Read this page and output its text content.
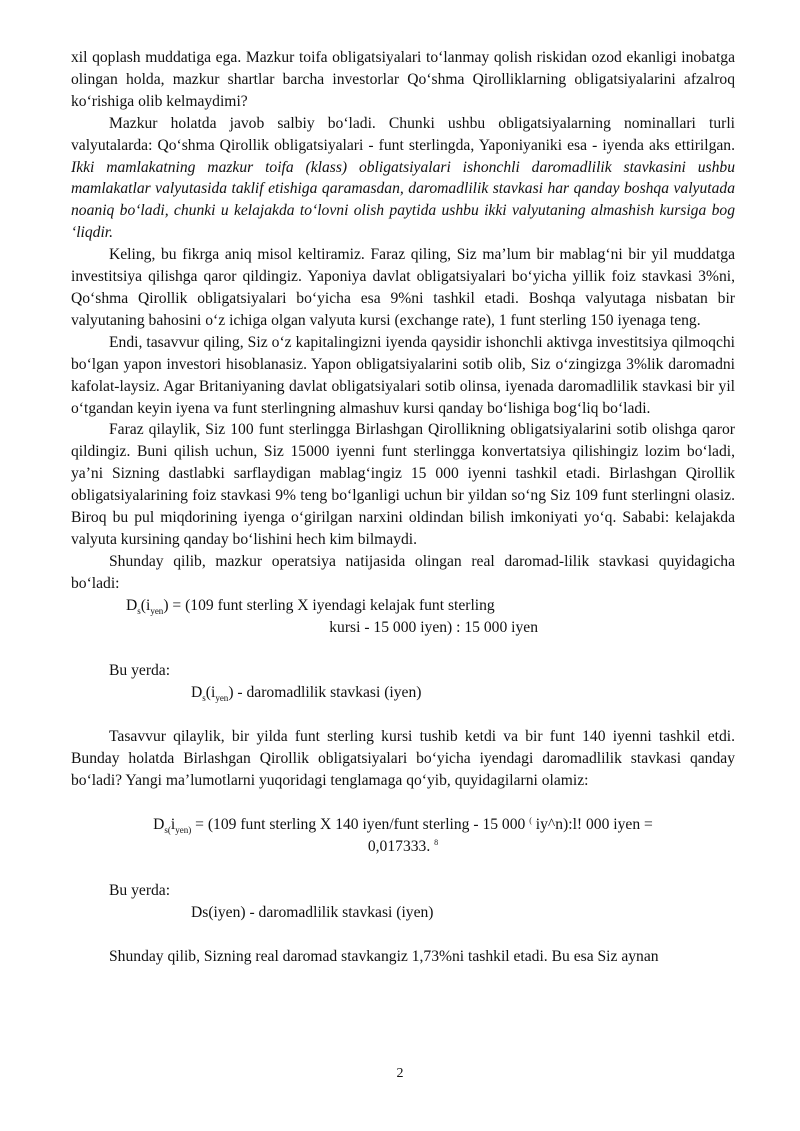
xil qoplash muddatiga ega. Mazkur toifa obligatsiyalari to‘lanmay qolish riskidan ozod ekanligi inobatga olingan holda, mazkur shartlar barcha investorlar Qo‘shma Qirolliklarning obligatsiyalarini afzalroq ko‘rishiga olib kelmaydimi?

Mazkur holatda javob salbiy bo‘ladi. Chunki ushbu obligatsiyalarning nominallari turli valyutalarda: Qo‘shma Qirollik obligatsiyalari - funt sterlingda, Yaponiyaniki esa - iyenda aks ettirilgan. Ikki mamlakatning mazkur toifa (klass) obligatsiyalari ishonchli daromadlilik stavkasini ushbu mamlakatlar valyutasida taklif etishiga qaramasdan, daromadlilik stavkasi har qanday boshqa valyutada noaniq bo‘ladi, chunki u kelajakda to‘lovni olish paytida ushbu ikki valyutaning almashish kursiga bog ‘liqdir.

Keling, bu fikrga aniq misol keltiramiz. Faraz qiling, Siz ma’lum bir mablag‘ni bir yil muddatga investitsiya qilishga qaror qildingiz. Yaponiya davlat obligatsiyalari bo‘yicha yillik foiz stavkasi 3%ni, Qo‘shma Qirollik obligatsiyalari bo‘yicha esa 9%ni tashkil etadi. Boshqa valyutaga nisbatan bir valyutaning bahosini o‘z ichiga olgan valyuta kursi (exchange rate), 1 funt sterling 150 iyenaga teng.

Endi, tasavvur qiling, Siz o‘z kapitalingizni iyenda qaysidir ishonchli aktivga investitsiya qilmoqchi bo‘lgan yapon investori hisoblanasiz. Yapon obligatsiyalarini sotib olib, Siz o‘zingizga 3%lik daromadni kafolat-laysiz. Agar Britaniyaning davlat obligatsiyalari sotib olinsa, iyenada daromadlilik stavkasi bir yil o‘tgandan keyin iyena va funt sterlingning almashuv kursi qanday bo‘lishiga bog‘liq bo‘ladi.

Faraz qilaylik, Siz 100 funt sterlingga Birlashgan Qirollikning obligatsiyalarini sotib olishga qaror qildingiz. Buni qilish uchun, Siz 15000 iyenni funt sterlingga konvertatsiya qilishingiz lozim bo‘ladi, ya’ni Sizning dastlabki sarflaydigan mablag‘ingiz 15 000 iyenni tashkil etadi. Birlashgan Qirollik obligatsiyalarining foiz stavkasi 9% teng bo‘lganligi uchun bir yildan so‘ng Siz 109 funt sterlingni olasiz. Biroq bu pul miqdorining iyenga o‘girilgan narxini oldindan bilish imkoniyati yo‘q. Sababi: kelajakda valyuta kursining qanday bo‘lishini hech kim bilmaydi.

Shunday qilib, mazkur operatsiya natijasida olingan real daromad-lilik stavkasi quyidagicha bo‘ladi:

$D_s(i_{yen}) = (109$ funt sterling X iyendagi kelajak funt sterling

kursi - 15 000 iyen) : 15 000 iyen

Bu yerda:

$D_s(i_{yen})$ - daromadlilik stavkasi (iyen)

Tasavvur qilaylik, bir yilda funt sterling kursi tushib ketdi va bir funt 140 iyenni tashkil etdi. Bunday holatda Birlashgan Qirollik obligatsiyalari bo‘yicha iyendagi daromadlilik stavkasi qanday bo‘ladi? Yangi ma’lumotlarni yuqoridagi tenglamaga qo‘yib, quyidagilarni olamiz:

$D_{s(}i_{yen)} = (109$ funt sterling X 140 iyen/funt sterling - 15 000 ( iy^n):l! 000 iyen =

0,017333. $^8$

Bu yerda:

Ds(iyen) - daromadlilik stavkasi (iyen)

Shunday qilib, Sizning real daromad stavkangiz 1,73%ni tashkil etadi. Bu esa Siz aynan

2
